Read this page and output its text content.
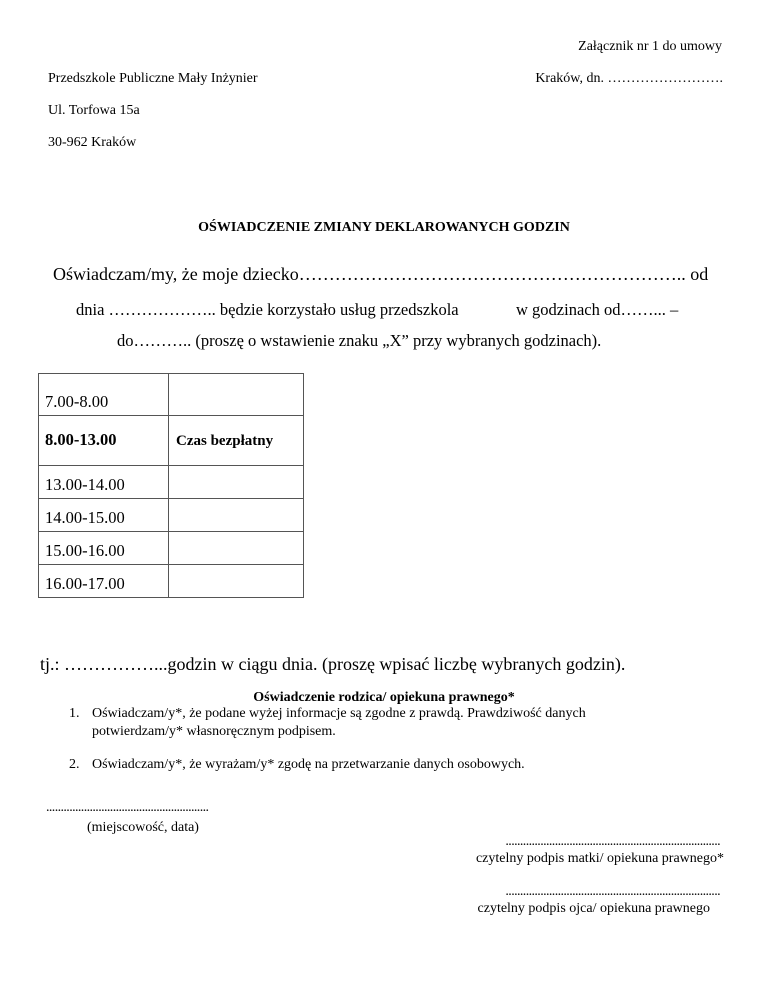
Załącznik nr 1 do umowy
Przedszkole Publiczne Mały Inżynier	Kraków, dn. …………………….
Ul. Torfowa 15a
30-962 Kraków
OŚWIADCZENIE ZMIANY DEKLAROWANYCH GODZIN
Oświadczam/my, że moje dziecko……………………………………………………….. od
dnia ……………….. będzie korzystało usług przedszkola	w godzinach od……... –
do……….. (proszę o wstawienie znaku „X” przy wybranych godzinach).
7.00-8.00	
8.00-13.00	Czas bezpłatny
13.00-14.00	
14.00-15.00	
15.00-16.00	
16.00-17.00	
tj.: ……………...godzin w ciągu dnia. (proszę wpisać liczbę wybranych godzin).
Oświadczenie rodzica/ opiekuna prawnego*
1. Oświadczam/y*, że podane wyżej informacje są zgodne z prawdą. Prawdziwość danych
potwierdzam/y* własnoręcznym podpisem.
2. Oświadczam/y*, że wyrażam/y* zgodę na przetwarzanie danych osobowych.
........................................................
(miejscowość, data)
..........................................................................
czytelny podpis matki/ opiekuna prawnego*
..........................................................................
czytelny podpis ojca/ opiekuna prawnego
